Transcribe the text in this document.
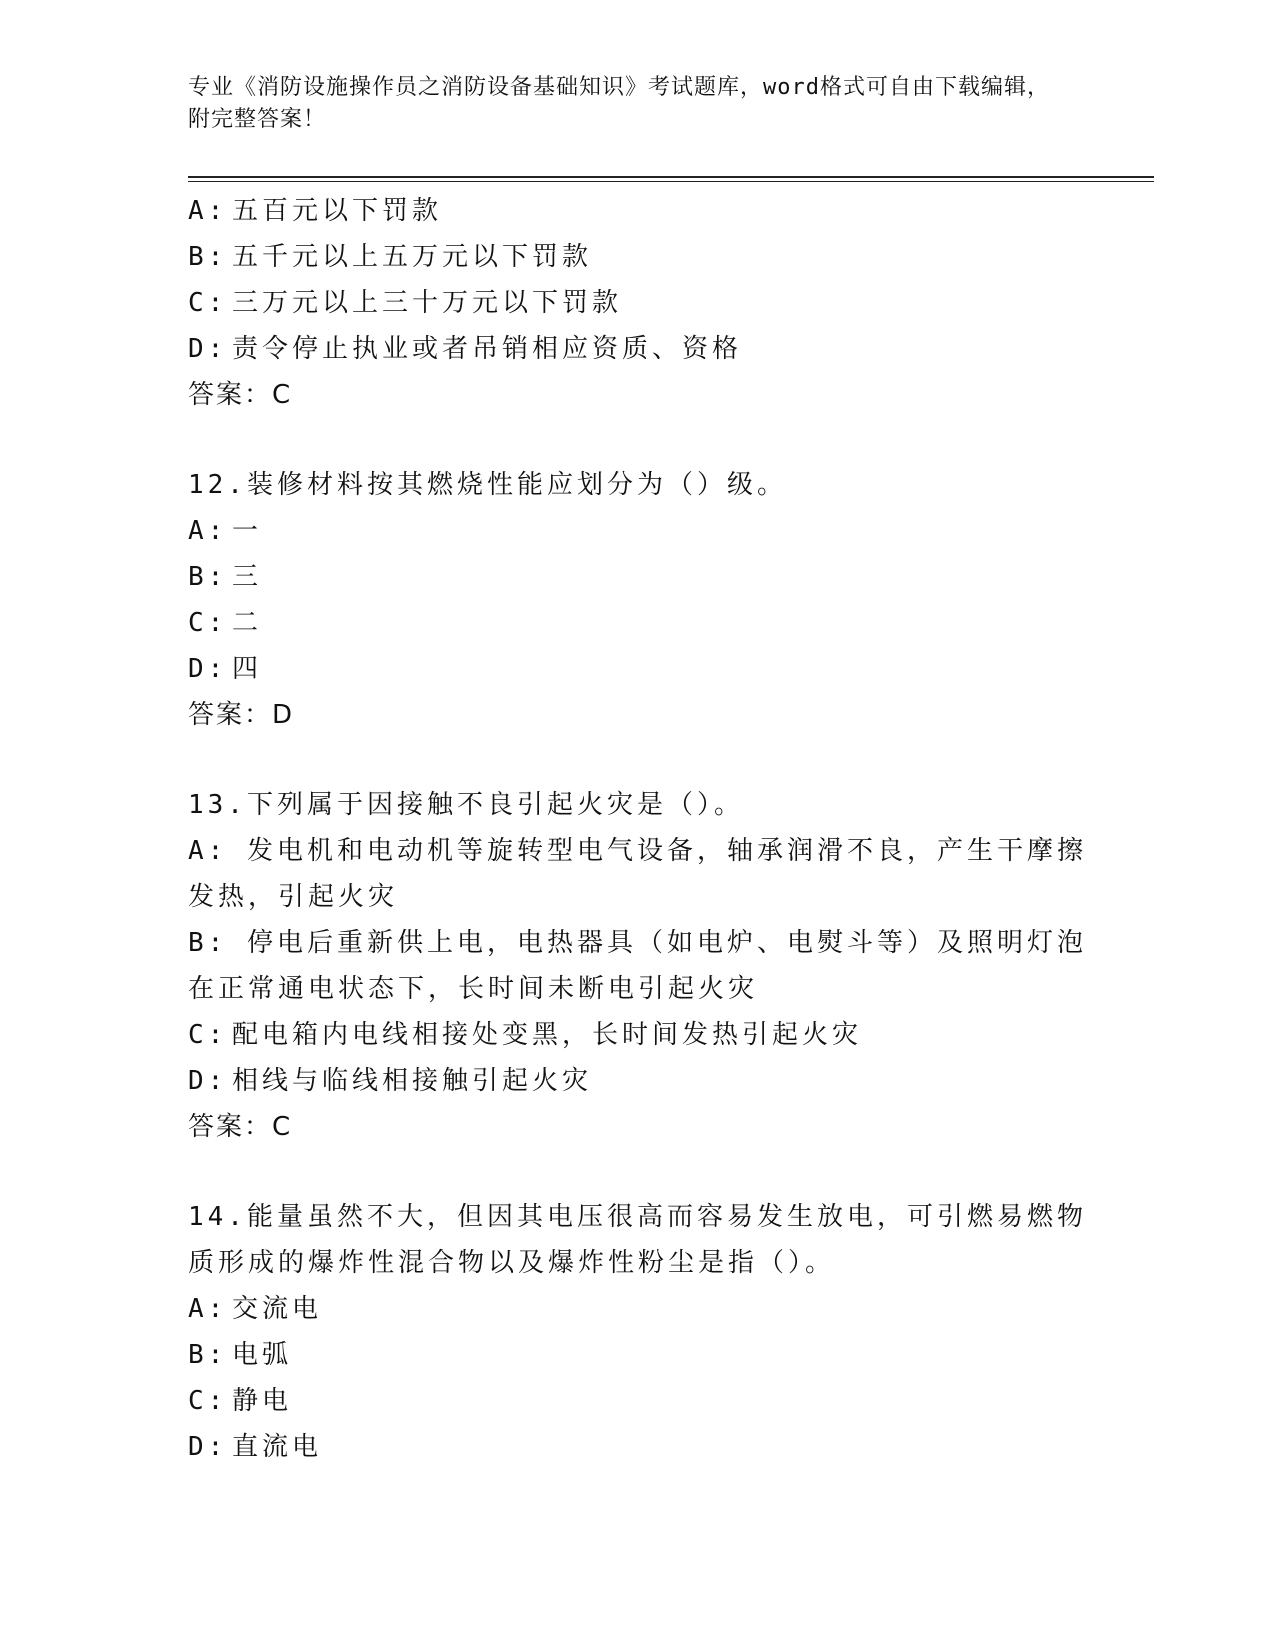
专业《消防设施操作员之消防设备基础知识》考试题库，word格式可自由下载编辑，附完整答案！
A: 五百元以下罚款
B: 五千元以上五万元以下罚款
C: 三万元以上三十万元以下罚款
D: 责令停止执业或者吊销相应资质、资格
答案：C
12.装修材料按其燃烧性能应划分为（）级。
A: 一
B: 三
C: 二
D: 四
答案：D
13.下列属于因接触不良引起火灾是（）。
A: 发电机和电动机等旋转型电气设备，轴承润滑不良，产生干摩擦发热，引起火灾
B: 停电后重新供上电，电热器具（如电炉、电熨斗等）及照明灯泡在正常通电状态下，长时间未断电引起火灾
C: 配电箱内电线相接处变黑，长时间发热引起火灾
D: 相线与临线相接触引起火灾
答案：C
14.能量虽然不大，但因其电压很高而容易发生放电，可引燃易燃物质形成的爆炸性混合物以及爆炸性粉尘是指（）。
A: 交流电
B: 电弧
C: 静电
D: 直流电
